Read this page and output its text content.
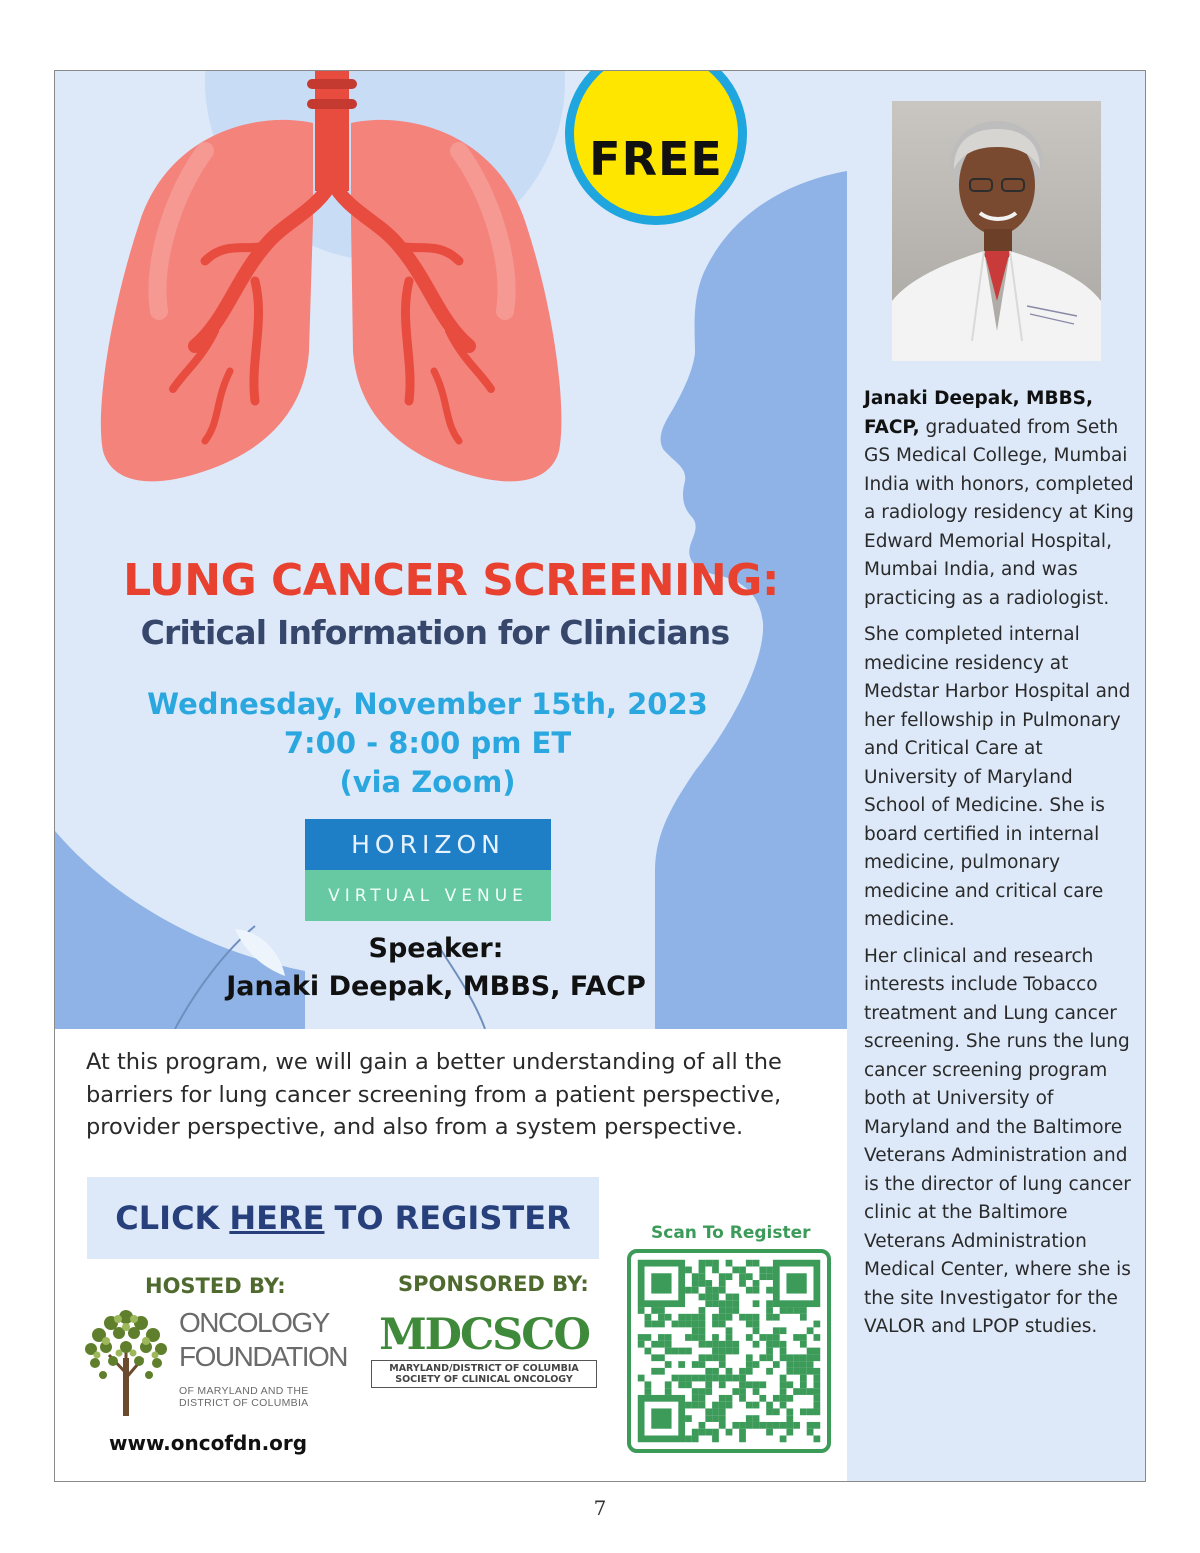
FREE
LUNG CANCER SCREENING:
Critical Information for Clinicians
Wednesday, November 15th, 2023
7:00 - 8:00 pm ET
(via Zoom)
HORIZON
VIRTUAL VENUE
Speaker:
Janaki Deepak, MBBS, FACP

At this program, we will gain a better understanding of all the barriers for lung cancer screening from a patient perspective, provider perspective, and also from a system perspective.

CLICK HERE TO REGISTER
HOSTED BY:	SPONSORED BY:
ONCOLOGY
FOUNDATION
OF MARYLAND AND THE
DISTRICT OF COLUMBIA
MDCSCO
MARYLAND/DISTRICT OF COLUMBIA
SOCIETY OF CLINICAL ONCOLOGY
www.oncofdn.org
Scan To Register

Janaki Deepak, MBBS, FACP, graduated from Seth GS Medical College, Mumbai India with honors, completed a radiology residency at King Edward Memorial Hospital, Mumbai India, and was practicing as a radiologist.

She completed internal medicine residency at Medstar Harbor Hospital and her fellowship in Pulmonary and Critical Care at University of Maryland School of Medicine. She is board certified in internal medicine, pulmonary medicine and critical care medicine.

Her clinical and research interests include Tobacco treatment and Lung cancer screening. She runs the lung cancer screening program both at University of Maryland and the Baltimore Veterans Administration and is the director of lung cancer clinic at the Baltimore Veterans Administration Medical Center, where she is the site Investigator for the VALOR and LPOP studies.

7
